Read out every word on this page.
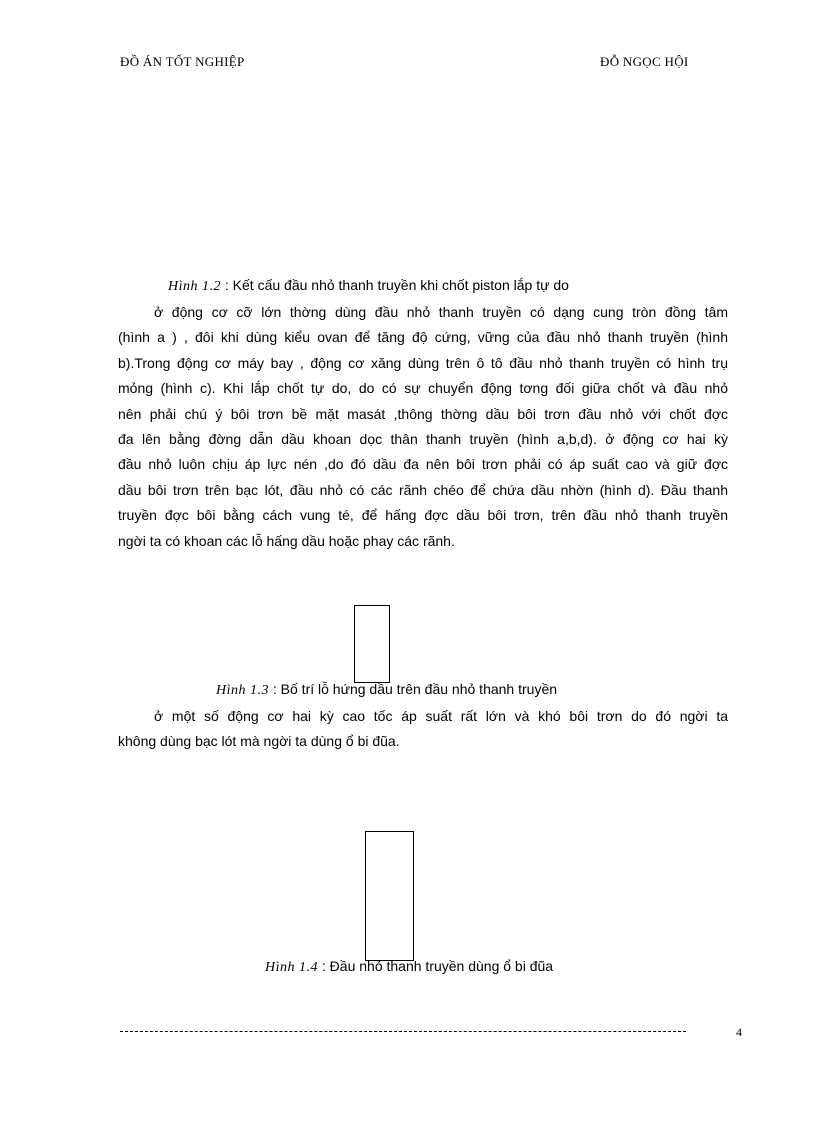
ĐỒ ÁN TỐT NGHIỆP	ĐỖ NGỌC HỘI
Hình 1.2 : Kết cấu đầu nhỏ thanh truyền khi chốt piston lắp tự do
ở động cơ cỡ lớn thờng dùng đầu nhỏ thanh truyền có dạng cung tròn đồng tâm
(hình a ) , đôi khi dùng kiểu ovan để tăng độ cứng, vững của đầu nhỏ thanh truyền (hình
b).Trong động cơ máy bay , động cơ xăng dùng trên ô tô đầu nhỏ thanh truyền có hình trụ
mỏng (hình c). Khi lắp chốt tự do, do có sự chuyển động tơng đối giữa chốt và đầu nhỏ
nên phải chú ý bôi trơn bề mặt masát ,thông thờng dầu bôi trơn đầu nhỏ với chốt đợc
đa lên bằng đờng dẫn dầu khoan dọc thân thanh truyền (hình a,b,d). ở động cơ hai kỳ
đầu nhỏ luôn chịu áp lực nén ,do đó dầu đa nên bôi trơn phải có áp suất cao và giữ đợc
dầu bôi trơn trên bạc lót, đầu nhỏ có các rãnh chéo để chứa dầu nhờn (hình d). Đầu thanh
truyền đợc bôi bằng cách vung té, để hấng đợc dầu bôi trơn, trên đầu nhỏ thanh truyền
ngời ta có khoan các lỗ hấng dầu hoặc phay các rãnh.
Hình 1.3 : Bố trí lỗ hứng dầu trên đầu nhỏ thanh truyền
ở một số động cơ hai kỳ cao tốc áp suất rất lớn và khó bôi trơn do đó ngời ta
không dùng bạc lót mà ngời ta dùng ổ bi đũa.
Hình 1.4 : Đầu nhỏ thanh truyền dùng ổ bi đũa
4
